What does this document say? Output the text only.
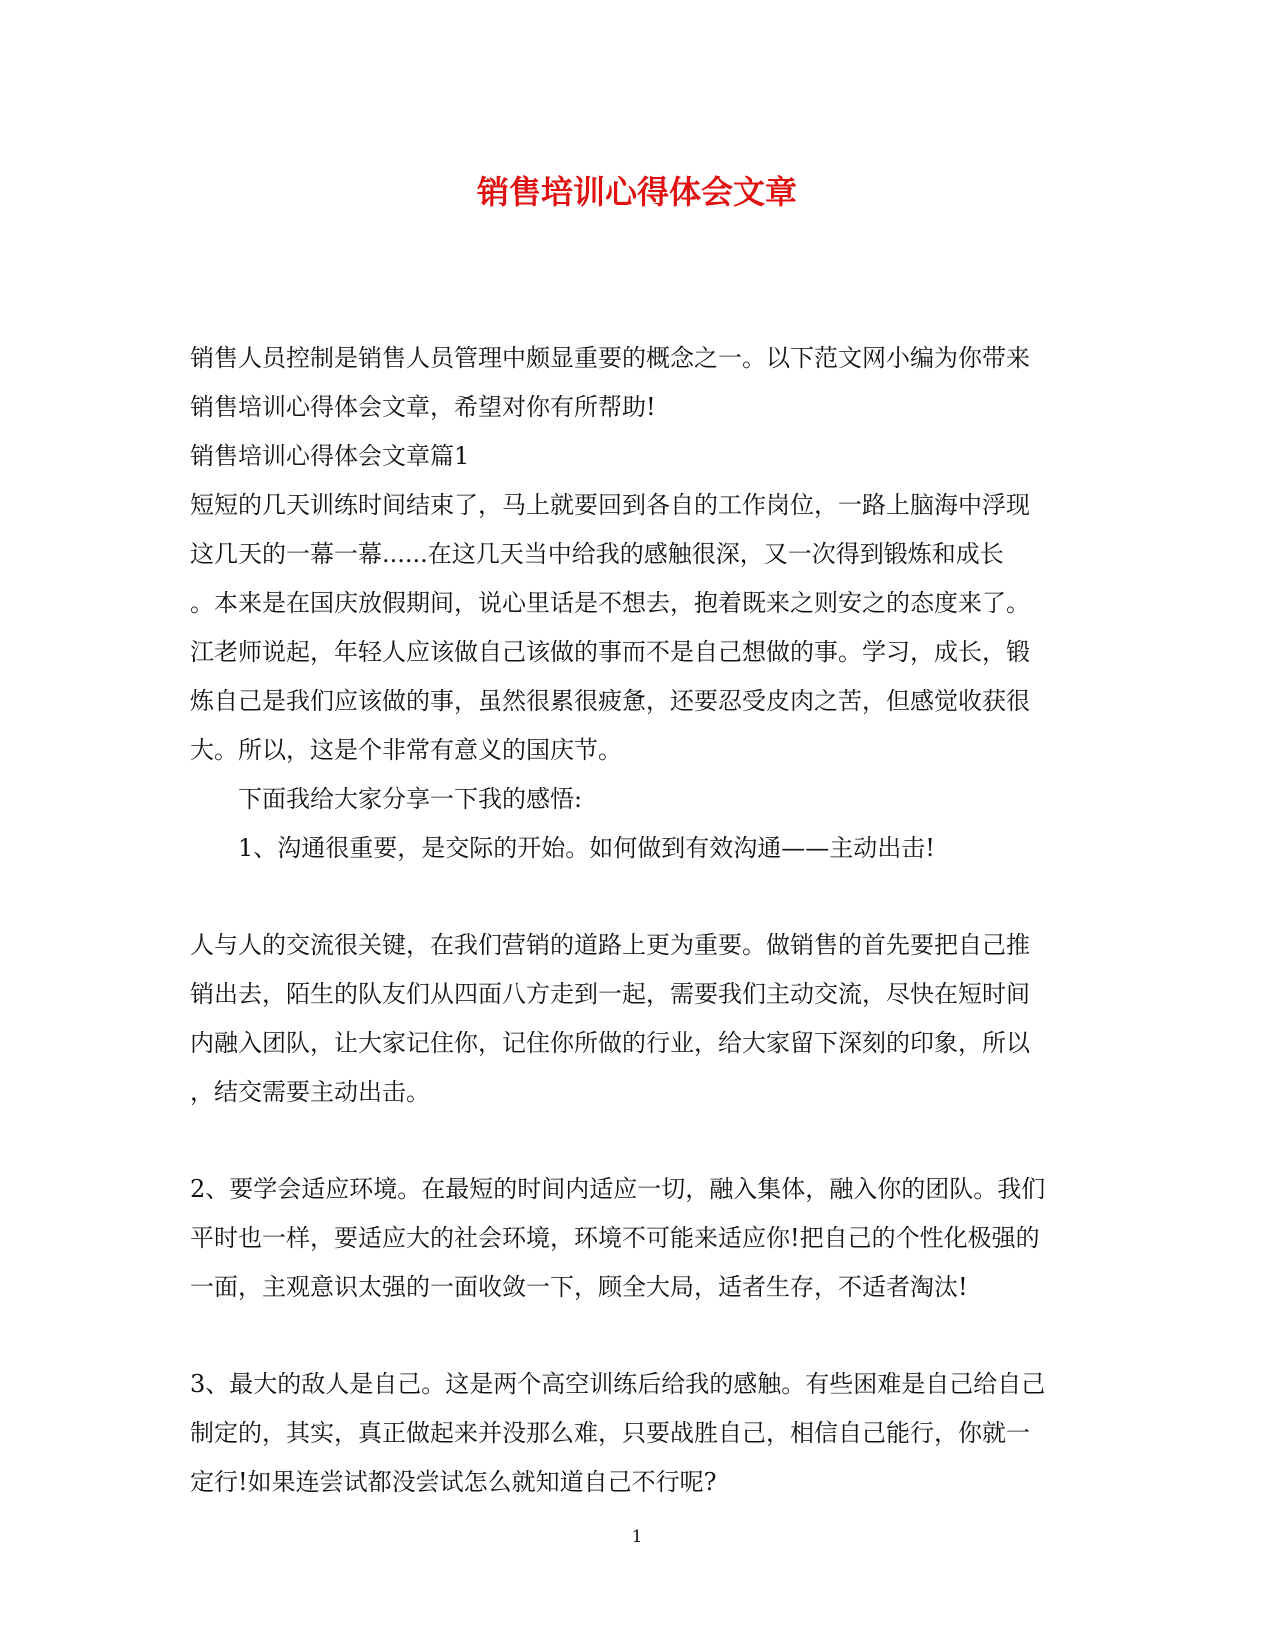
销售培训心得体会文章

销售人员控制是销售人员管理中颇显重要的概念之一。以下范文网小编为你带来

销售培训心得体会文章，希望对你有所帮助!

销售培训心得体会文章篇1

短短的几天训练时间结束了，马上就要回到各自的工作岗位，一路上脑海中浮现

这几天的一幕一幕......在这几天当中给我的感触很深，又一次得到锻炼和成长

。本来是在国庆放假期间，说心里话是不想去，抱着既来之则安之的态度来了。

江老师说起，年轻人应该做自己该做的事而不是自己想做的事。学习，成长，锻

炼自己是我们应该做的事，虽然很累很疲惫，还要忍受皮肉之苦，但感觉收获很

大。所以，这是个非常有意义的国庆节。

下面我给大家分享一下我的感悟:

1、沟通很重要，是交际的开始。如何做到有效沟通——主动出击!

人与人的交流很关键，在我们营销的道路上更为重要。做销售的首先要把自己推

销出去，陌生的队友们从四面八方走到一起，需要我们主动交流，尽快在短时间

内融入团队，让大家记住你，记住你所做的行业，给大家留下深刻的印象，所以

，结交需要主动出击。

2、要学会适应环境。在最短的时间内适应一切，融入集体，融入你的团队。我们

平时也一样，要适应大的社会环境，环境不可能来适应你!把自己的个性化极强的

一面，主观意识太强的一面收敛一下，顾全大局，适者生存，不适者淘汰!

3、最大的敌人是自己。这是两个高空训练后给我的感触。有些困难是自己给自己

制定的，其实，真正做起来并没那么难，只要战胜自己，相信自己能行，你就一

定行!如果连尝试都没尝试怎么就知道自己不行呢?

1
